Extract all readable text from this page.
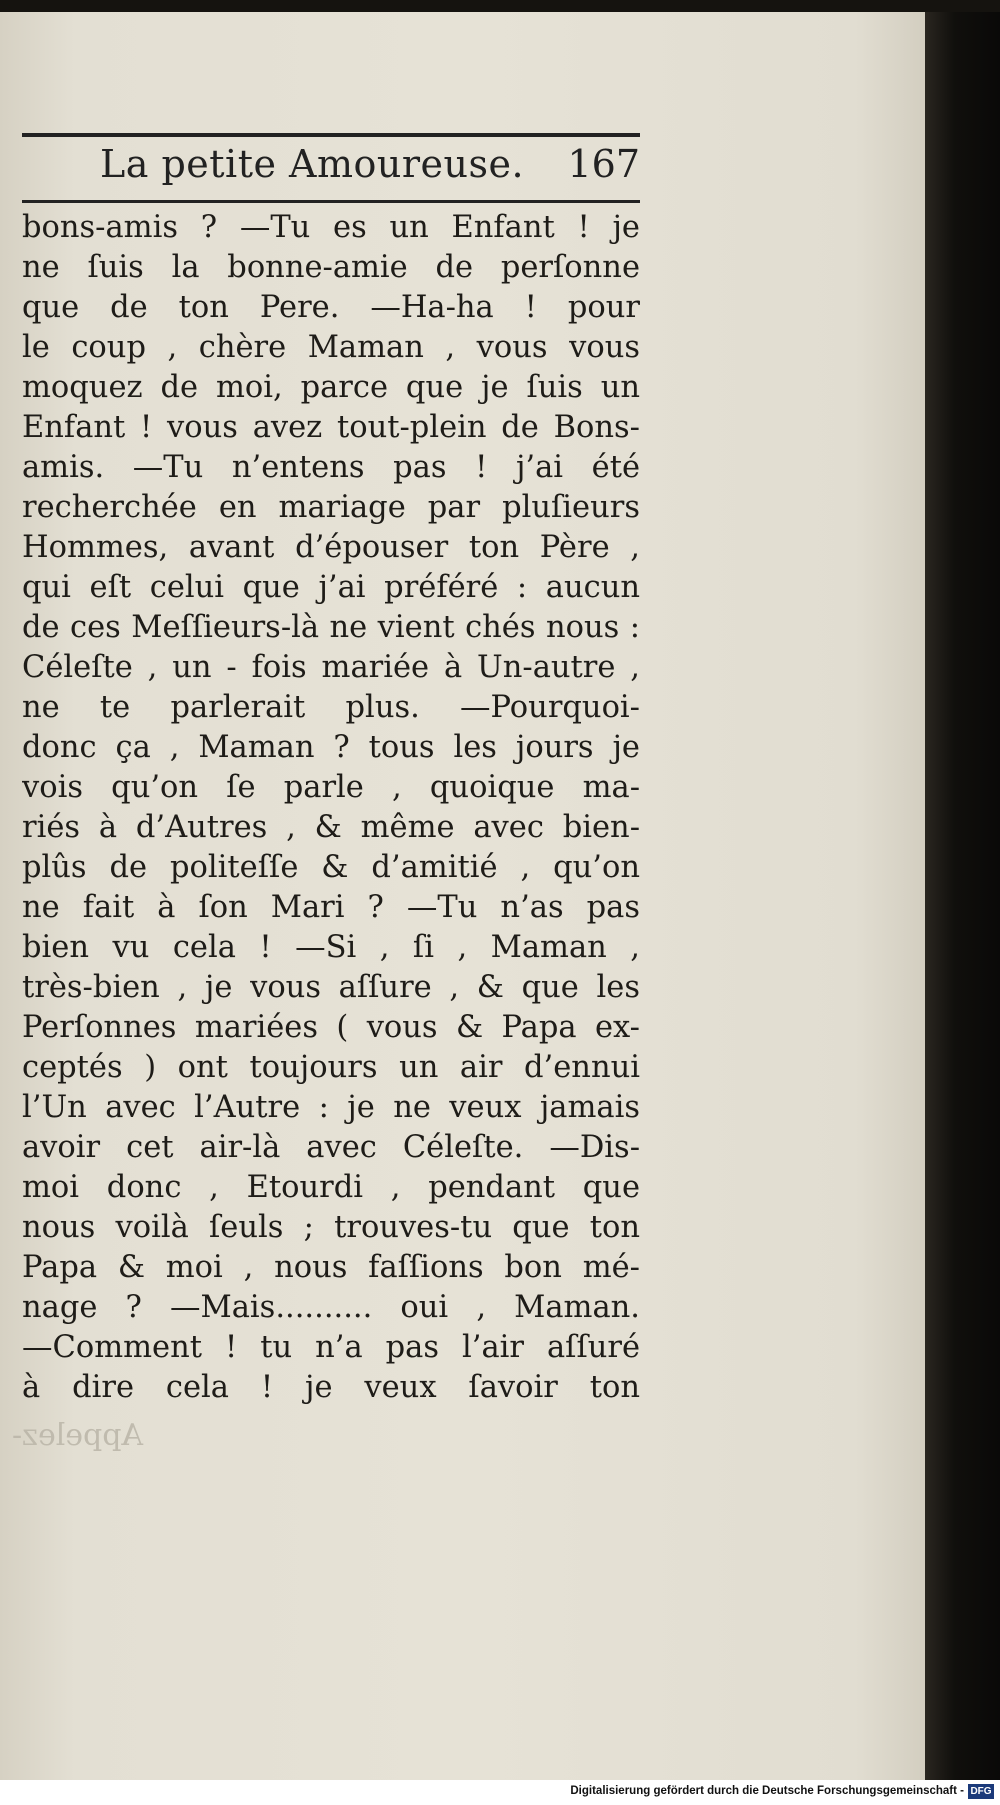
La petite Amoureuse. 167
bons-amis ? —Tu es un Enfant ! je
ne ſuis la bonne-amie de perſonne
que de ton Pere. —Ha-ha ! pour
le coup , chère Maman , vous vous
moquez de moi, parce que je ſuis un
Enfant ! vous avez tout-plein de Bons-
amis. —Tu n’entens pas ! j’ai été
recherchée en mariage par pluſieurs
Hommes, avant d’épouser ton Père ,
qui eſt celui que j’ai préféré : aucun
de ces Meſſieurs-là ne vient chés nous :
Céleſte , un - fois mariée à Un-autre ,
ne te parlerait plus. —Pourquoi-
donc ça , Maman ? tous les jours je
vois qu’on ſe parle , quoique ma-
riés à d’Autres , & même avec bien-
plûs de politeſſe & d’amitié , qu’on
ne fait à ſon Mari ? —Tu n’as pas
bien vu cela ! —Si , ſi , Maman ,
très-bien , je vous aſſure , & que les
Perſonnes mariées ( vous & Papa ex-
ceptés ) ont toujours un air d’ennui
l’Un avec l’Autre : je ne veux jamais
avoir cet air-là avec Céleſte. —Dis-
moi donc , Etourdi , pendant que
nous voilà ſeuls ; trouves-tu que ton
Papa & moi , nous faſſions bon mé-
nage ? —Mais.......... oui , Maman.
—Comment ! tu n’a pas l’air aſſuré
à dire cela ! je veux ſavoir ton
Appelez-
Digitalisierung gefördert durch die Deutsche Forschungsgemeinschaft - DFG
